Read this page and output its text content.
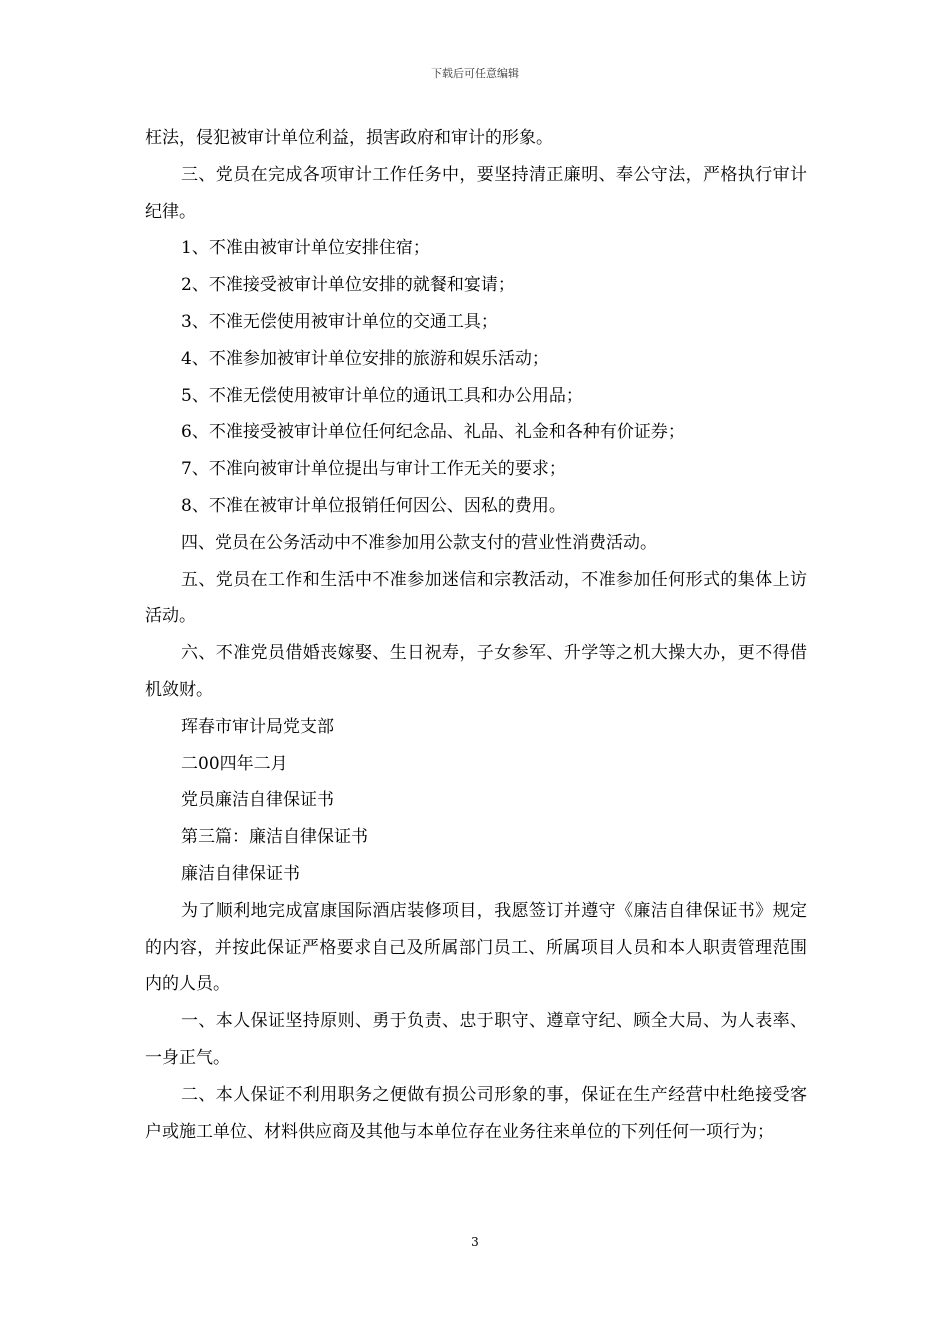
下载后可任意编辑

枉法，侵犯被审计单位利益，损害政府和审计的形象。

三、党员在完成各项审计工作任务中，要坚持清正廉明、奉公守法，严格执行审计纪律。

1、不准由被审计单位安排住宿；

2、不准接受被审计单位安排的就餐和宴请；

3、不准无偿使用被审计单位的交通工具；

4、不准参加被审计单位安排的旅游和娱乐活动；

5、不准无偿使用被审计单位的通讯工具和办公用品；

6、不准接受被审计单位任何纪念品、礼品、礼金和各种有价证券；

7、不准向被审计单位提出与审计工作无关的要求；

8、不准在被审计单位报销任何因公、因私的费用。

四、党员在公务活动中不准参加用公款支付的营业性消费活动。

五、党员在工作和生活中不准参加迷信和宗教活动，不准参加任何形式的集体上访活动。

六、不准党员借婚丧嫁娶、生日祝寿，子女参军、升学等之机大操大办，更不得借机敛财。

珲春市审计局党支部

二00四年二月

党员廉洁自律保证书

第三篇：廉洁自律保证书

廉洁自律保证书

为了顺利地完成富康国际酒店装修项目，我愿签订并遵守《廉洁自律保证书》规定的内容，并按此保证严格要求自己及所属部门员工、所属项目人员和本人职责管理范围内的人员。

一、本人保证坚持原则、勇于负责、忠于职守、遵章守纪、顾全大局、为人表率、一身正气。

二、本人保证不利用职务之便做有损公司形象的事，保证在生产经营中杜绝接受客户或施工单位、材料供应商及其他与本单位存在业务往来单位的下列任何一项行为；

3
